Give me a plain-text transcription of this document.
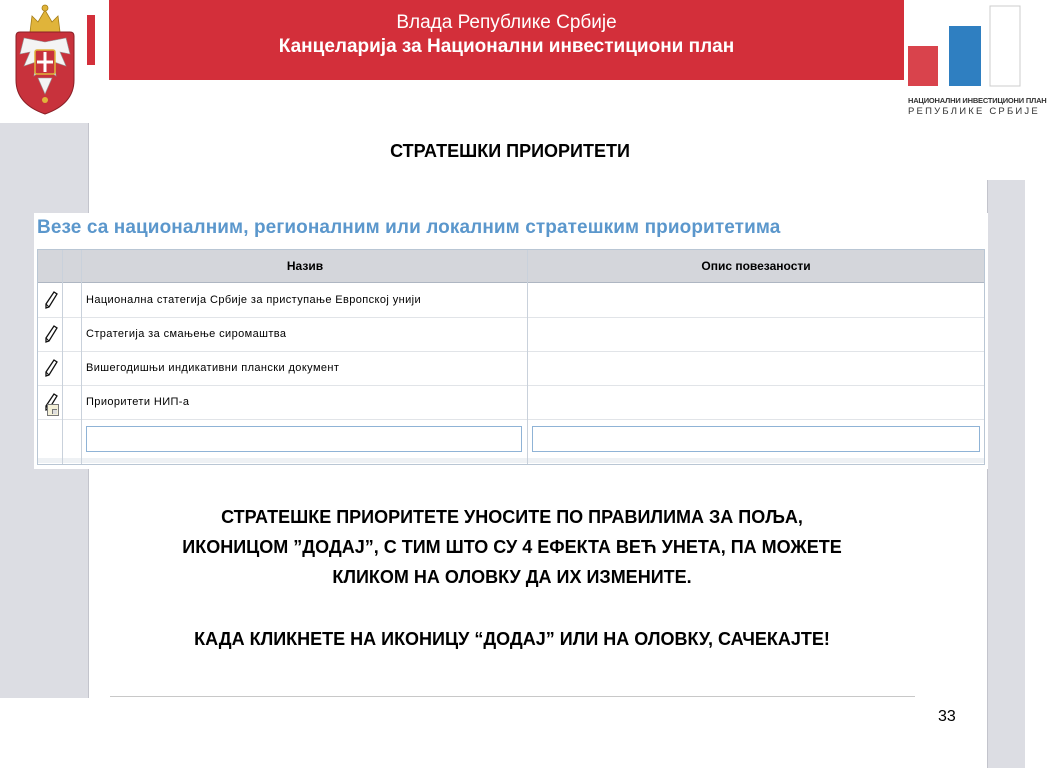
Влада Републике Србије
Канцеларија за Национални инвестициони план
НАЦИОНАЛНИ ИНВЕСТИЦИОНИ ПЛАН
РЕПУБЛИКЕ СРБИЈЕ
СТРАТЕШКИ ПРИОРИТЕТИ
Везе са националним, регионалним или локалним стратешким приоритетима
Назив	Опис повезаности
Национална статегија Србије за приступање Европској унији
Стратегија за смањење сиромаштва
Вишегодишњи индикативни плански документ
Приоритети НИП-а
СТРАТЕШКЕ ПРИОРИТЕТЕ УНОСИТЕ ПО ПРАВИЛИМА ЗА ПОЉА,
ИКОНИЦОМ ”ДОДАЈ”, С ТИМ ШТО СУ 4 ЕФЕКТА ВЕЋ УНЕТА, ПА МОЖЕТЕ
КЛИКОМ НА ОЛОВКУ ДА ИХ ИЗМЕНИТЕ.
КАДА КЛИКНЕТЕ НА ИКОНИЦУ “ДОДАЈ” ИЛИ НА ОЛОВКУ, САЧЕКАЈТЕ!
33
